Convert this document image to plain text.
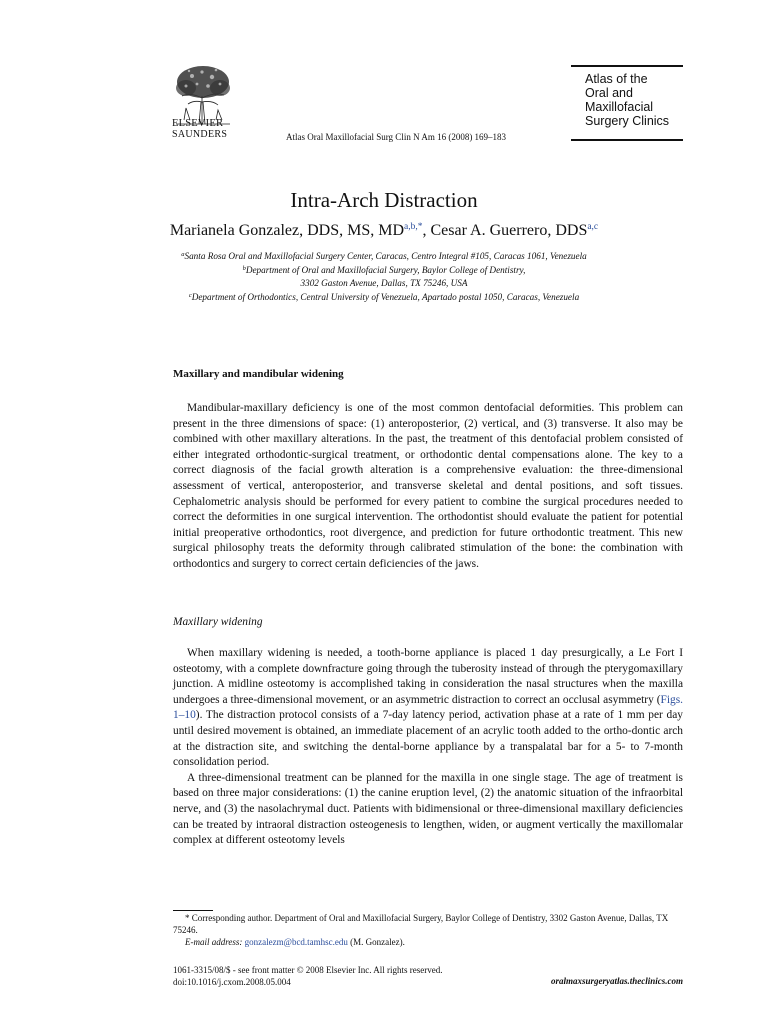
ELSEVIER
SAUNDERS	Atlas Oral Maxillofacial Surg Clin N Am 16 (2008) 169–183
Atlas of the
Oral and
Maxillofacial
Surgery Clinics
Intra-Arch Distraction
Marianela Gonzalez, DDS, MS, $MD^{a,b,*}$, Cesar A. Guerrero, DDS$^{a,c}$
$^a$Santa Rosa Oral and Maxillofacial Surgery Center, Caracas, Centro Integral #105, Caracas 1061, Venezuela
$^b$Department of Oral and Maxillofacial Surgery, Baylor College of Dentistry,
3302 Gaston Avenue, Dallas, TX 75246, USA
$^c$Department of Orthodontics, Central University of Venezuela, Apartado postal 1050, Caracas, Venezuela
Maxillary and mandibular widening

Mandibular-maxillary deficiency is one of the most common dentofacial deformities. This problem can present in the three dimensions of space: (1) anteroposterior, (2) vertical, and (3) transverse. It also may be combined with other maxillary alterations. In the past, the treatment of this dentofacial problem consisted of either integrated orthodontic-surgical treatment, or orthodontic dental compensations alone. The key to a correct diagnosis of the facial growth alteration is a comprehensive evaluation: the three-dimensional assessment of vertical, anteroposterior, and transverse skeletal and dental positions, and soft tissues. Cephalometric analysis should be performed for every patient to combine the surgical procedures needed to correct the deformities in one surgical intervention. The orthodontist should evaluate the patient for potential initial preoperative orthodontics, root divergence, and prediction for future orthodontic treatment. This new surgical philosophy treats the deformity through calibrated stimulation of the bone: the combination with orthodontics and surgery to correct certain deficiencies of the jaws.

Maxillary widening

When maxillary widening is needed, a tooth-borne appliance is placed 1 day presurgically, a Le Fort I osteotomy, with a complete downfracture going through the tuberosity instead of through the pterygomaxillary junction. A midline osteotomy is accomplished taking in consideration the nasal structures when the maxilla undergoes a three-dimensional movement, or an asymmetric distraction to correct an occlusal asymmetry (Figs. 1–10). The distraction protocol consists of a 7-day latency period, activation phase at a rate of 1 mm per day until desired movement is obtained, an immediate placement of an acrylic tooth added to the ortho-dontic arch at the distraction site, and switching the dental-borne appliance by a transpalatal bar for a 5- to 7-month consolidation period.

A three-dimensional treatment can be planned for the maxilla in one single stage. The age of treatment is based on three major considerations: (1) the canine eruption level, (2) the anatomic situation of the infraorbital nerve, and (3) the nasolachrymal duct. Patients with bidimensional or three-dimensional maxillary deficiencies can be treated by intraoral distraction osteogenesis to lengthen, widen, or augment vertically the maxillomalar complex at different osteotomy levels

* Corresponding author. Department of Oral and Maxillofacial Surgery, Baylor College of Dentistry, 3302 Gaston Avenue, Dallas, TX 75246.

E-mail address: gonzalezm@bcd.tamhsc.edu (M. Gonzalez).

1061-3315/08/$ - see front matter © 2008 Elsevier Inc. All rights reserved.
doi:10.1016/j.cxom.2008.05.004	oralmaxsurgeryatlas.theclinics.com
